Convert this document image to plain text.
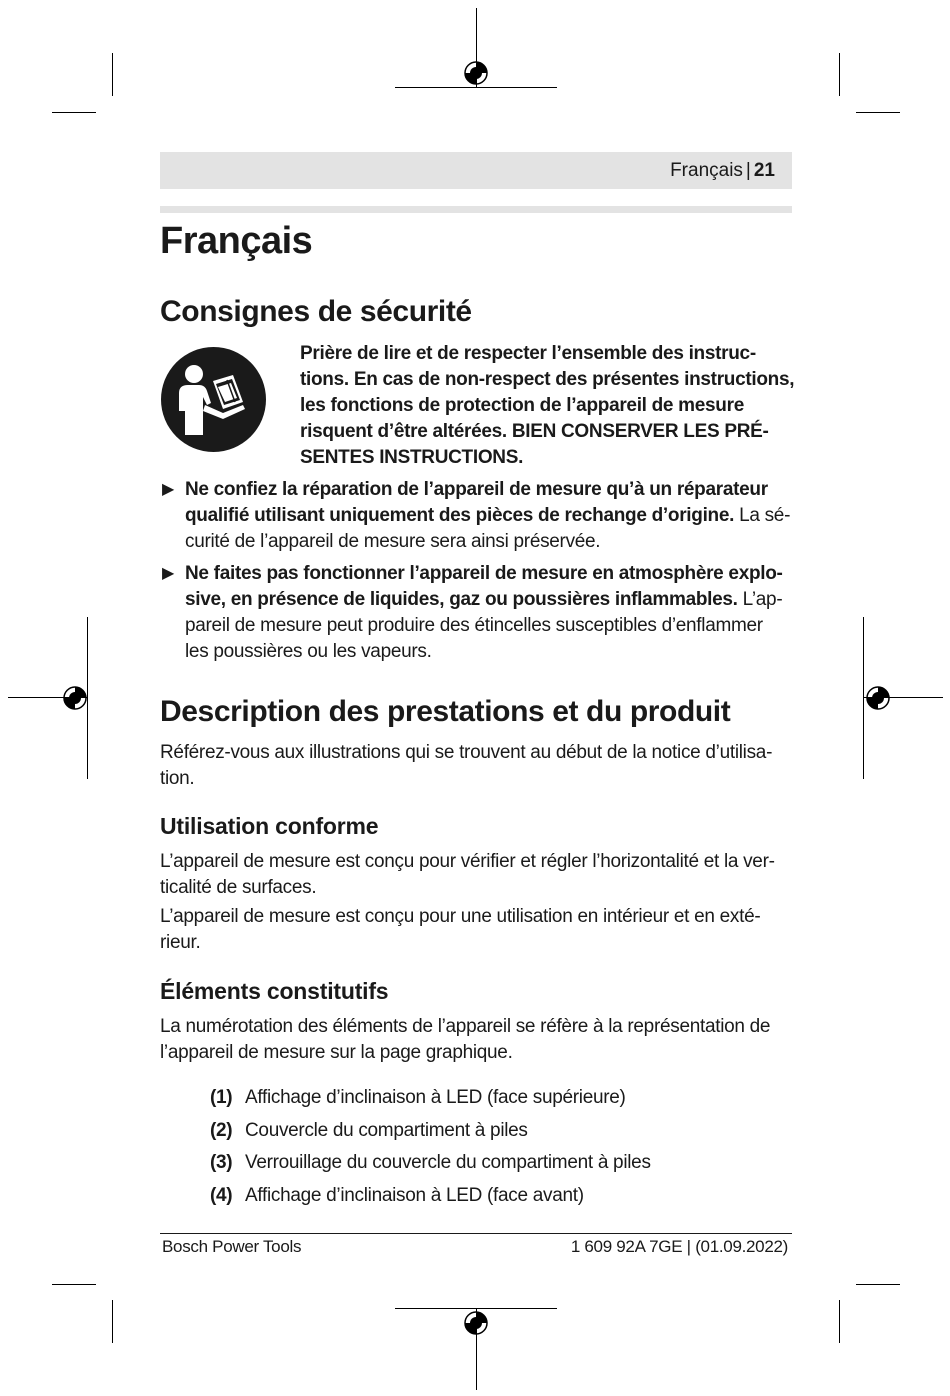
Français | 21
Français
Consignes de sécurité
Prière de lire et de respecter l’ensemble des instruc-
tions. En cas de non-respect des présentes instructions,
les fonctions de protection de l’appareil de mesure
risquent d’être altérées. BIEN CONSERVER LES PRÉ-
SENTES INSTRUCTIONS.
▶ Ne confiez la réparation de l’appareil de mesure qu’à un réparateur
qualifié utilisant uniquement des pièces de rechange d’origine. La sé-
curité de l’appareil de mesure sera ainsi préservée.
▶ Ne faites pas fonctionner l’appareil de mesure en atmosphère explo-
sive, en présence de liquides, gaz ou poussières inflammables. L’ap-
pareil de mesure peut produire des étincelles susceptibles d’enflammer
les poussières ou les vapeurs.
Description des prestations et du produit
Référez-vous aux illustrations qui se trouvent au début de la notice d’utilisa-
tion.
Utilisation conforme
L’appareil de mesure est conçu pour vérifier et régler l’horizontalité et la ver-
ticalité de surfaces.
L’appareil de mesure est conçu pour une utilisation en intérieur et en exté-
rieur.
Éléments constitutifs
La numérotation des éléments de l’appareil se réfère à la représentation de
l’appareil de mesure sur la page graphique.
(1) Affichage d’inclinaison à LED (face supérieure)
(2) Couvercle du compartiment à piles
(3) Verrouillage du couvercle du compartiment à piles
(4) Affichage d’inclinaison à LED (face avant)
Bosch Power Tools	1 609 92A 7GE | (01.09.2022)
